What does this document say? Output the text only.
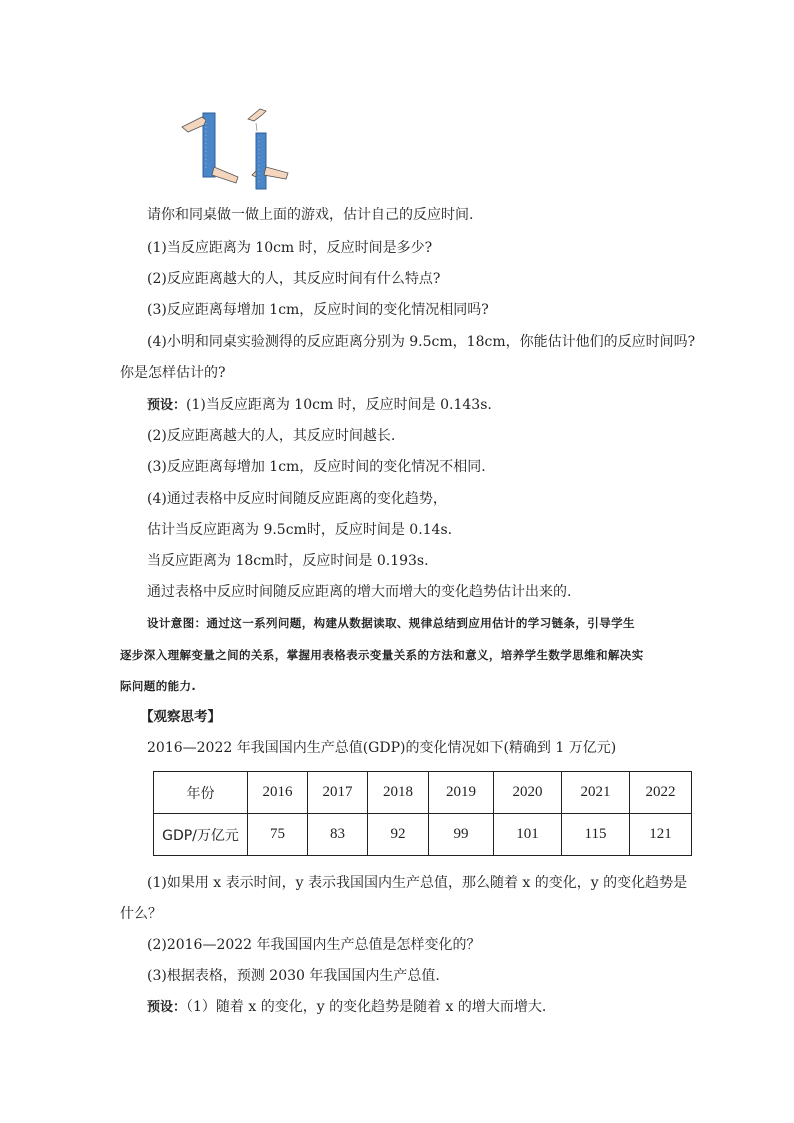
请你和同桌做一做上面的游戏，估计自己的反应时间.
(1)当反应距离为 10cm 时，反应时间是多少?
(2)反应距离越大的人，其反应时间有什么特点?
(3)反应距离每增加 1cm，反应时间的变化情况相同吗?
(4)小明和同桌实验测得的反应距离分别为 9.5cm，18cm，你能估计他们的反应时间吗?
你是怎样估计的?
预设：(1)当反应距离为 10cm 时，反应时间是 0.143s.
(2)反应距离越大的人，其反应时间越长.
(3)反应距离每增加 1cm，反应时间的变化情况不相同.
(4)通过表格中反应时间随反应距离的变化趋势，
估计当反应距离为 9.5cm时，反应时间是 0.14s.
当反应距离为 18cm时，反应时间是 0.193s.
通过表格中反应时间随反应距离的增大而增大的变化趋势估计出来的.
设计意图：通过这一系列问题，构建从数据读取、规律总结到应用估计的学习链条，引导学生
逐步深入理解变量之间的关系，掌握用表格表示变量关系的方法和意义，培养学生数学思维和解决实
际问题的能力.
【观察思考】
2016—2022 年我国国内生产总值(GDP)的变化情况如下(精确到 1 万亿元)
年份	2016	2017	2018	2019	2020	2021	2022
GDP/万亿元	75	83	92	99	101	115	121
(1)如果用 x 表示时间，y 表示我国国内生产总值，那么随着 x 的变化，y 的变化趋势是
什么？
(2)2016—2022 年我国国内生产总值是怎样变化的？
(3)根据表格，预测 2030 年我国国内生产总值.
预设：（1）随着 x 的变化，y 的变化趋势是随着 x 的增大而增大.
